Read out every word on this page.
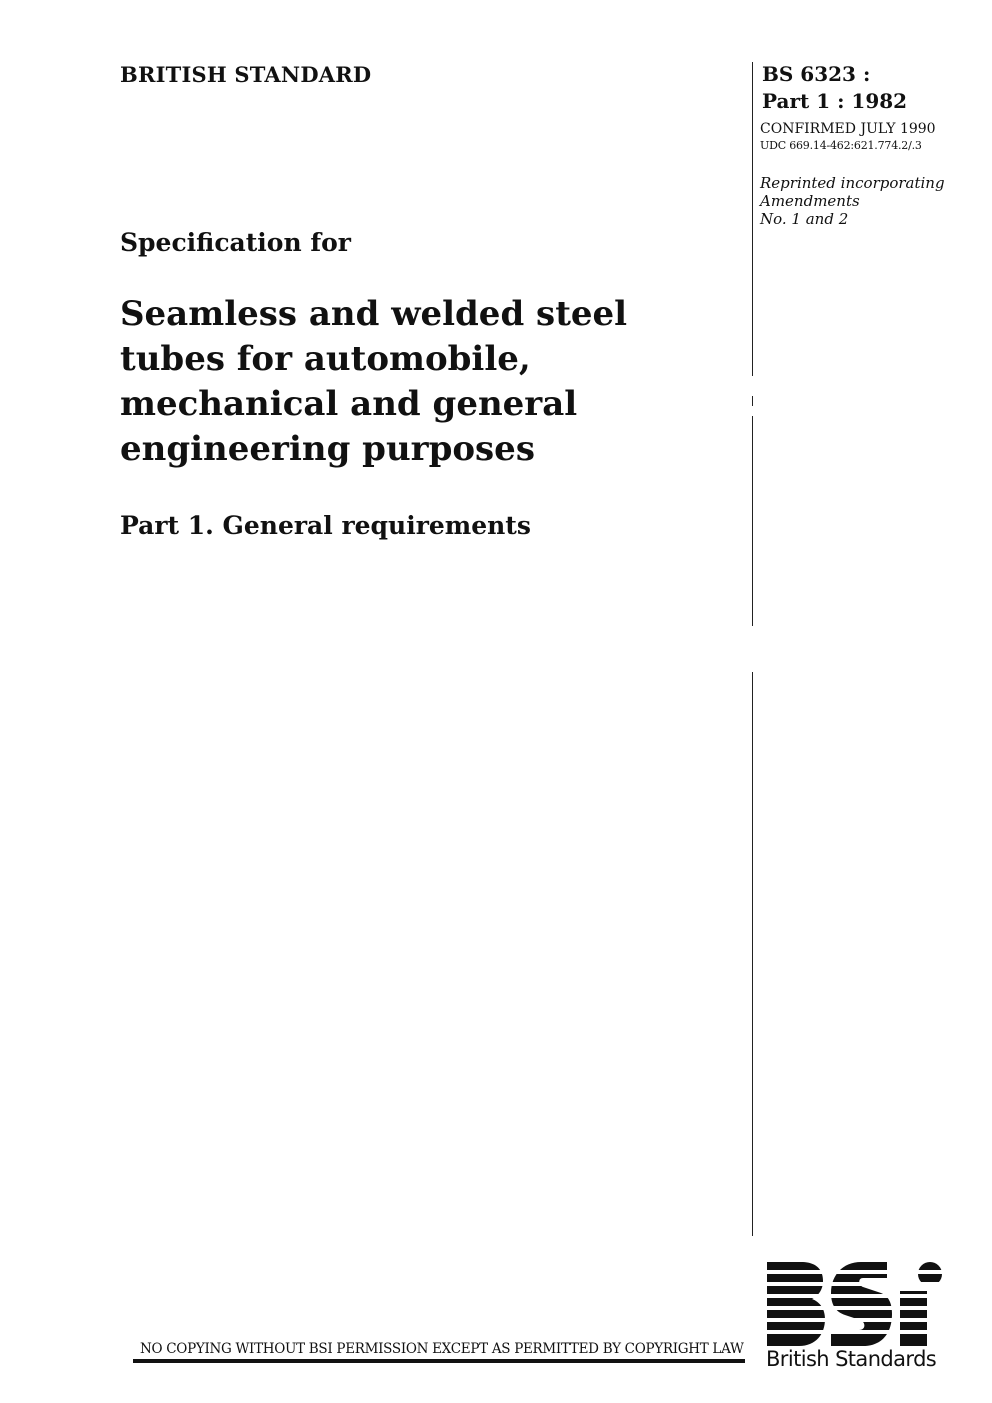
BRITISH STANDARD	BS 6323 :
Part 1 : 1982
CONFIRMED JULY 1990
UDC 669.14-462:621.774.2/.3
Reprinted incorporating
Amendments
No. 1 and 2
Specification for
Seamless and welded steel
tubes for automobile,
mechanical and general
engineering purposes
Part 1. General requirements
NO COPYING WITHOUT BSI PERMISSION EXCEPT AS PERMITTED BY COPYRIGHT LAW British Standards
